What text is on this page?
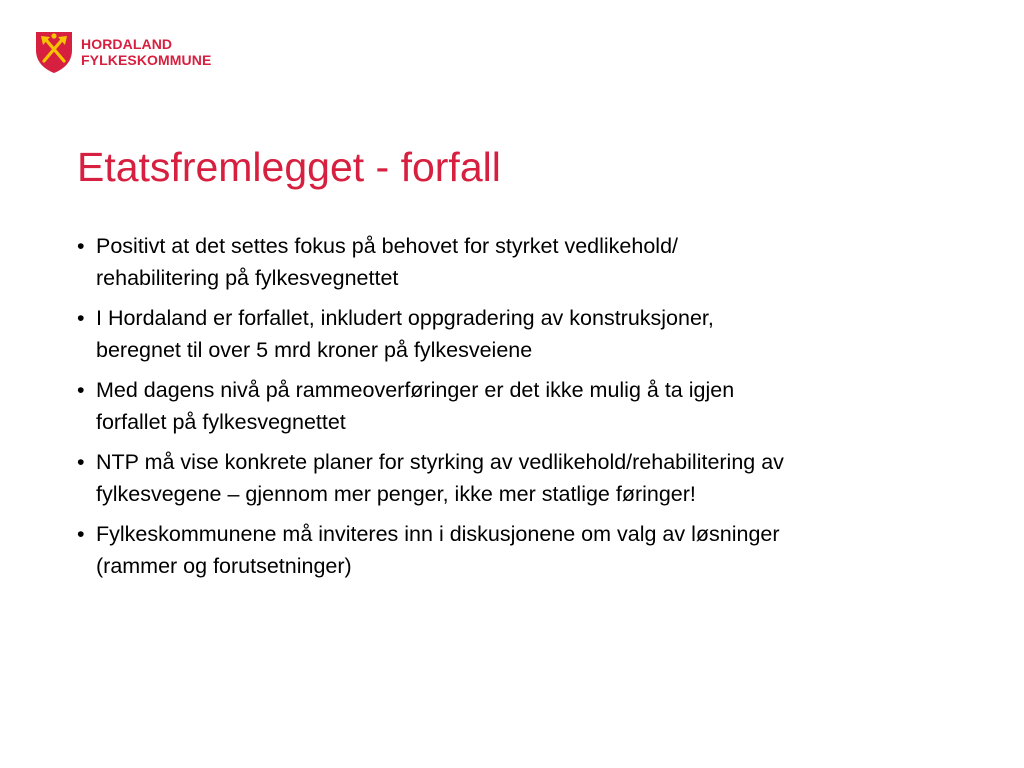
HORDALAND
FYLKESKOMMUNE
Etatsfremlegget - forfall
• Positivt at det settes fokus på behovet for styrket vedlikehold/
rehabilitering på fylkesvegnettet
• I Hordaland er forfallet, inkludert oppgradering av konstruksjoner,
beregnet til over 5 mrd kroner på fylkesveiene
• Med dagens nivå på rammeoverføringer er det ikke mulig å ta igjen
forfallet på fylkesvegnettet
• NTP må vise konkrete planer for styrking av vedlikehold/rehabilitering av
fylkesvegene – gjennom mer penger, ikke mer statlige føringer!
• Fylkeskommunene må inviteres inn i diskusjonene om valg av løsninger
(rammer og forutsetninger)
